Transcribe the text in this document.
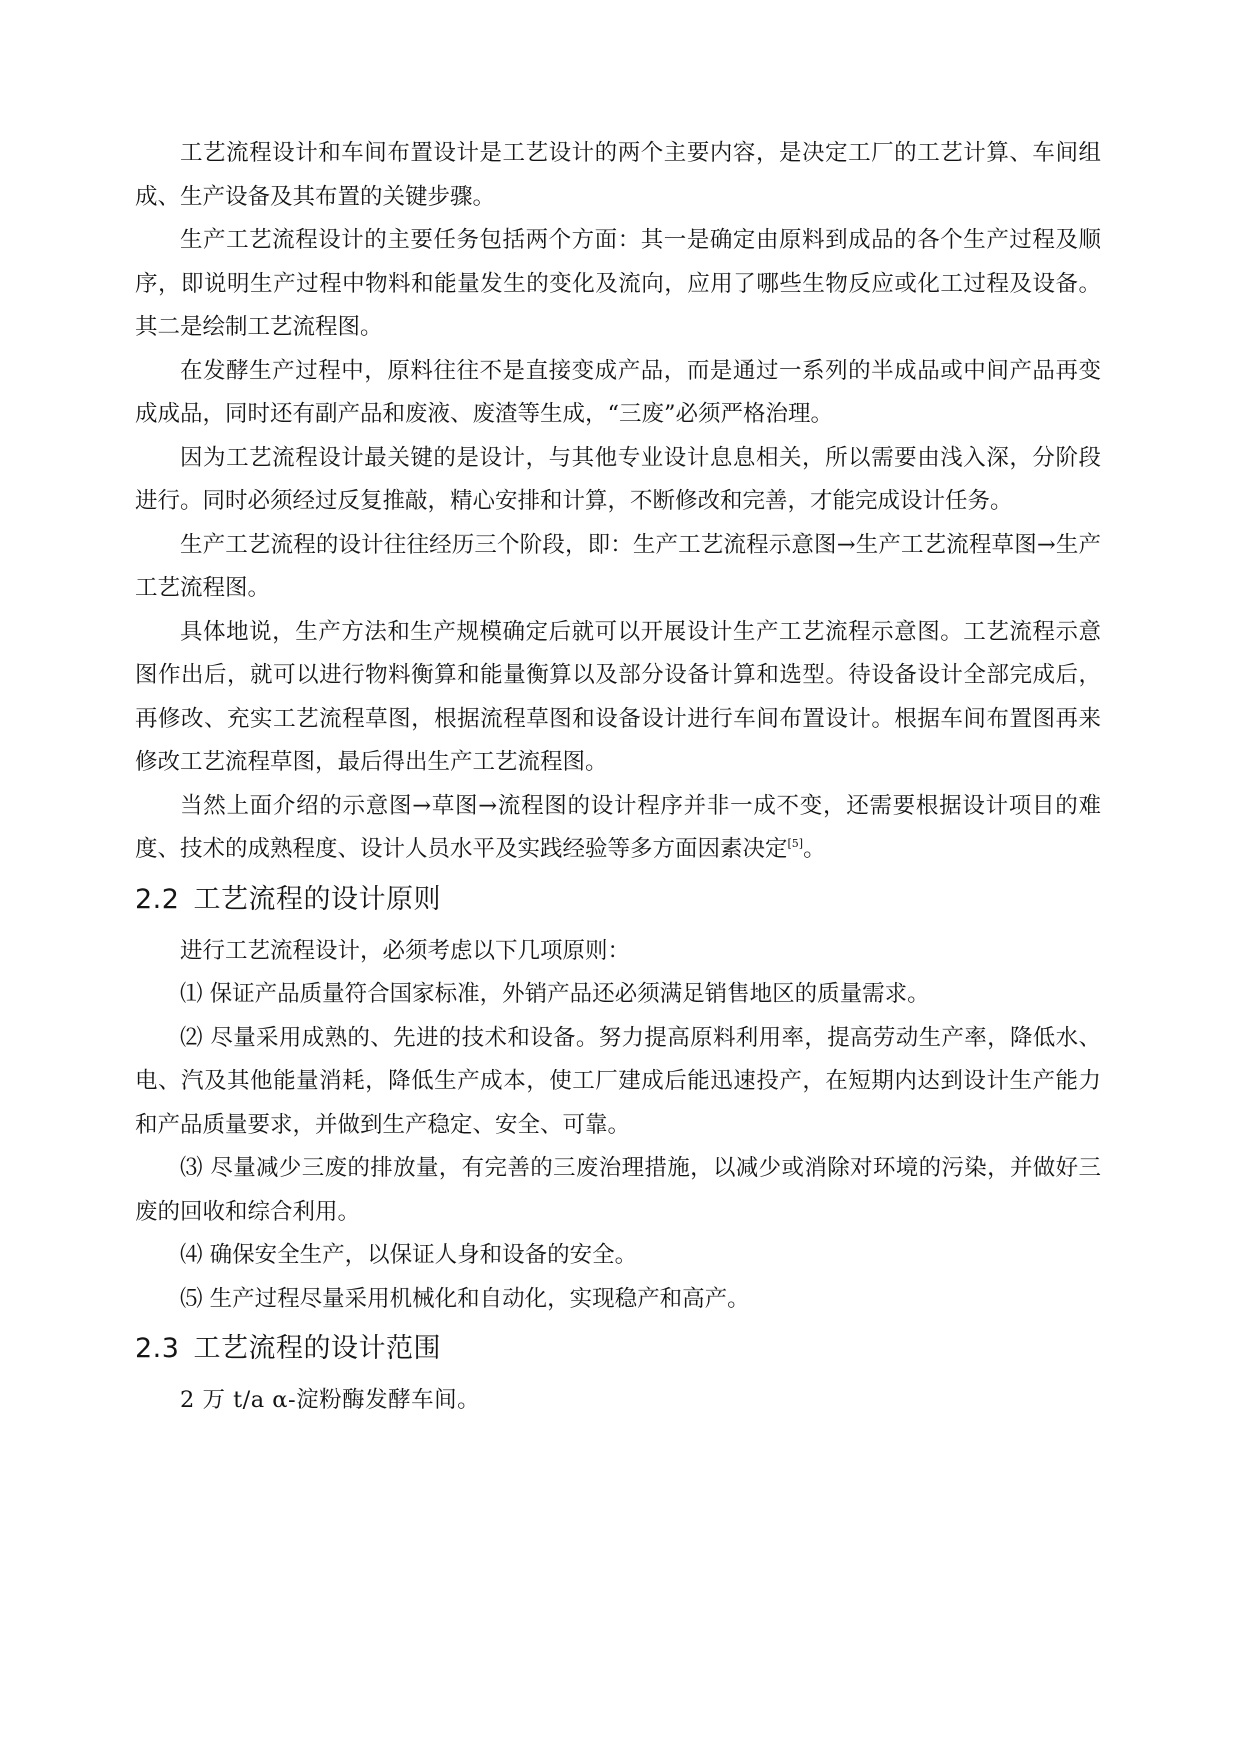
工艺流程设计和车间布置设计是工艺设计的两个主要内容，是决定工厂的工艺计算、车间组成、生产设备及其布置的关键步骤。

生产工艺流程设计的主要任务包括两个方面：其一是确定由原料到成品的各个生产过程及顺序，即说明生产过程中物料和能量发生的变化及流向，应用了哪些生物反应或化工过程及设备。其二是绘制工艺流程图。

在发酵生产过程中，原料往往不是直接变成产品，而是通过一系列的半成品或中间产品再变成成品，同时还有副产品和废液、废渣等生成，“三废”必须严格治理。

因为工艺流程设计最关键的是设计，与其他专业设计息息相关，所以需要由浅入深，分阶段进行。同时必须经过反复推敲，精心安排和计算，不断修改和完善，才能完成设计任务。

生产工艺流程的设计往往经历三个阶段，即：生产工艺流程示意图→生产工艺流程草图→生产工艺流程图。

具体地说，生产方法和生产规模确定后就可以开展设计生产工艺流程示意图。工艺流程示意图作出后，就可以进行物料衡算和能量衡算以及部分设备计算和选型。待设备设计全部完成后，再修改、充实工艺流程草图，根据流程草图和设备设计进行车间布置设计。根据车间布置图再来修改工艺流程草图，最后得出生产工艺流程图。

当然上面介绍的示意图→草图→流程图的设计程序并非一成不变，还需要根据设计项目的难度、技术的成熟程度、设计人员水平及实践经验等多方面因素决定[5]。

2.2 工艺流程的设计原则

进行工艺流程设计，必须考虑以下几项原则：

⑴ 保证产品质量符合国家标准，外销产品还必须满足销售地区的质量需求。

⑵ 尽量采用成熟的、先进的技术和设备。努力提高原料利用率，提高劳动生产率，降低水、电、汽及其他能量消耗，降低生产成本，使工厂建成后能迅速投产，在短期内达到设计生产能力和产品质量要求，并做到生产稳定、安全、可靠。

⑶ 尽量减少三废的排放量，有完善的三废治理措施，以减少或消除对环境的污染，并做好三废的回收和综合利用。

⑷ 确保安全生产，以保证人身和设备的安全。

⑸ 生产过程尽量采用机械化和自动化，实现稳产和高产。

2.3 工艺流程的设计范围

2 万 t/a α-淀粉酶发酵车间。
